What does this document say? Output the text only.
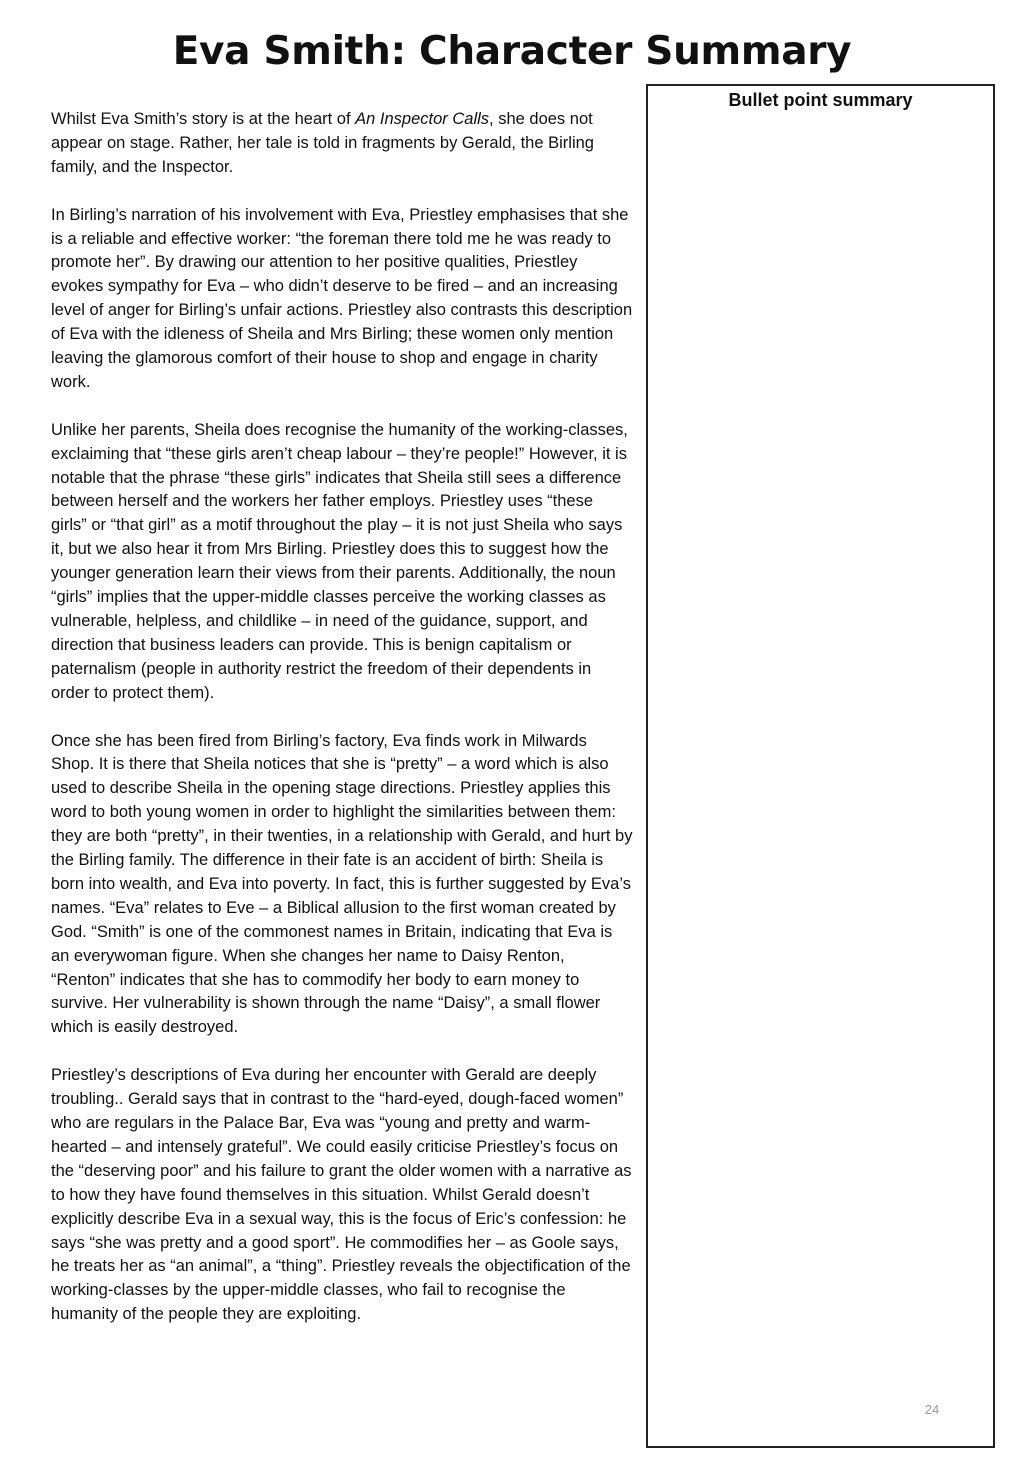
Eva Smith: Character Summary

Whilst Eva Smith’s story is at the heart of An Inspector Calls, she does not appear on stage. Rather, her tale is told in fragments by Gerald, the Birling family, and the Inspector.

In Birling’s narration of his involvement with Eva, Priestley emphasises that she is a reliable and effective worker: “the foreman there told me he was ready to promote her”. By drawing our attention to her positive qualities, Priestley evokes sympathy for Eva – who didn’t deserve to be fired – and an increasing level of anger for Birling’s unfair actions. Priestley also contrasts this description of Eva with the idleness of Sheila and Mrs Birling; these women only mention leaving the glamorous comfort of their house to shop and engage in charity work.

Unlike her parents, Sheila does recognise the humanity of the working-classes, exclaiming that “these girls aren’t cheap labour – they’re people!” However, it is notable that the phrase “these girls” indicates that Sheila still sees a difference between herself and the workers her father employs. Priestley uses “these girls” or “that girl” as a motif throughout the play – it is not just Sheila who says it, but we also hear it from Mrs Birling. Priestley does this to suggest how the younger generation learn their views from their parents. Additionally, the noun “girls” implies that the upper-middle classes perceive the working classes as vulnerable, helpless, and childlike – in need of the guidance, support, and direction that business leaders can provide. This is benign capitalism or paternalism (people in authority restrict the freedom of their dependents in order to protect them).

Once she has been fired from Birling’s factory, Eva finds work in Milwards Shop. It is there that Sheila notices that she is “pretty” – a word which is also used to describe Sheila in the opening stage directions. Priestley applies this word to both young women in order to highlight the similarities between them: they are both “pretty”, in their twenties, in a relationship with Gerald, and hurt by the Birling family. The difference in their fate is an accident of birth: Sheila is born into wealth, and Eva into poverty. In fact, this is further suggested by Eva’s names. “Eva” relates to Eve – a Biblical allusion to the first woman created by God. “Smith” is one of the commonest names in Britain, indicating that Eva is an everywoman figure. When she changes her name to Daisy Renton, “Renton” indicates that she has to commodify her body to earn money to survive. Her vulnerability is shown through the name “Daisy”, a small flower which is easily destroyed.

Priestley’s descriptions of Eva during her encounter with Gerald are deeply troubling.. Gerald says that in contrast to the “hard-eyed, dough-faced women” who are regulars in the Palace Bar, Eva was “young and pretty and warm-hearted – and intensely grateful”. We could easily criticise Priestley’s focus on the “deserving poor” and his failure to grant the older women with a narrative as to how they have found themselves in this situation. Whilst Gerald doesn’t explicitly describe Eva in a sexual way, this is the focus of Eric’s confession: he says “she was pretty and a good sport”. He commodifies her – as Goole says, he treats her as “an animal”, a “thing”. Priestley reveals the objectification of the working-classes by the upper-middle classes, who fail to recognise the humanity of the people they are exploiting.

Bullet point summary
24
